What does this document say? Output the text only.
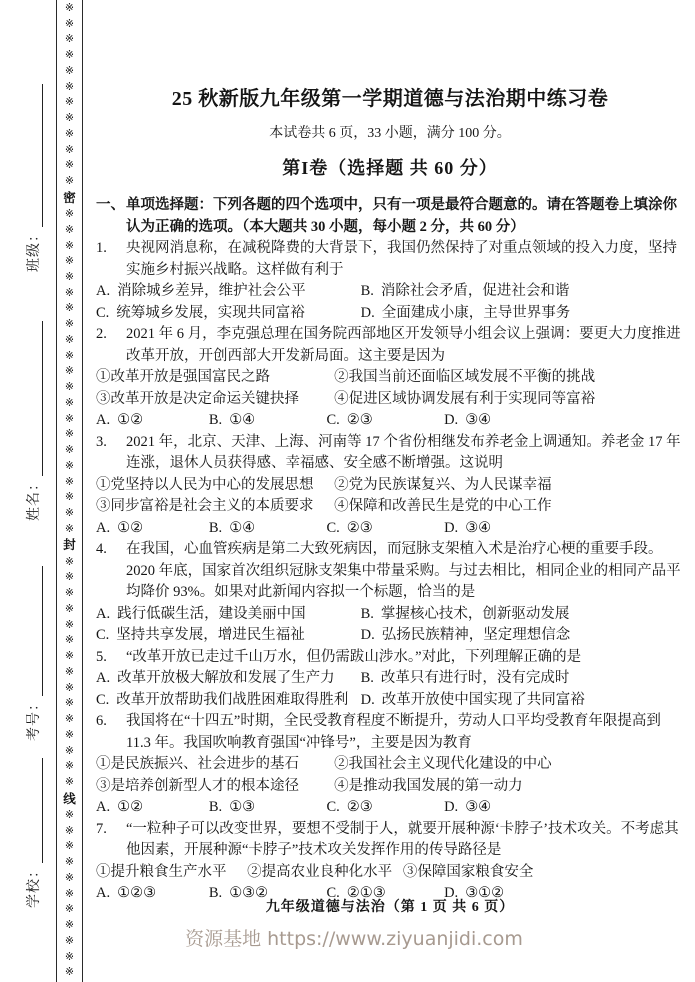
班级：
姓名：
考号：
学校：
※
※
※
※
※
※
※
※
※
※
※
※
密
※
※
※
※
※
※
※
※
※
※
※
※
※
※
※
※
※
※
※
※
※
封
※
※
※
※
※
※
※
※
※
※
※
※
※
※
※
线
※
※
※
※
※
※
※
※
※
※
※
25 秋新版九年级第一学期道德与法治期中练习卷
本试卷共 6 页，33 小题，满分 100 分。
第I卷（选择题 共 60 分）
一、 单项选择题：下列各题的四个选项中，只有一项是最符合题意的。请在答题卷上填涂你认为正确的选项。（本大题共 30 小题，每小题 2 分，共 60 分）
1. 央视网消息称，在减税降费的大背景下，我国仍然保持了对重点领域的投入力度，坚持实施乡村振兴战略。这样做有利于
A. 消除城乡差异，维护社会公平	B. 消除社会矛盾，促进社会和谐
C. 统筹城乡发展，实现共同富裕	D. 全面建成小康，主导世界事务
2. 2021 年 6 月，李克强总理在国务院西部地区开发领导小组会议上强调：要更大力度推进改革开放，开创西部大开发新局面。这主要是因为
①改革开放是强国富民之路	②我国当前还面临区域发展不平衡的挑战
③改革开放是决定命运关键抉择	④促进区域协调发展有利于实现同等富裕
A. ①②	B. ①④	C. ②③	D. ③④
3. 2021 年，北京、天津、上海、河南等 17 个省份相继发布养老金上调通知。养老金 17 年连涨，退休人员获得感、幸福感、安全感不断增强。这说明
①党坚持以人民为中心的发展思想	②党为民族谋复兴、为人民谋幸福
③同步富裕是社会主义的本质要求	④保障和改善民生是党的中心工作
A. ①②	B. ①④	C. ②③	D. ③④
4. 在我国，心血管疾病是第二大致死病因，而冠脉支架植入术是治疗心梗的重要手段。2020 年底，国家首次组织冠脉支架集中带量采购。与过去相比，相同企业的相同产品平均降价 93%。如果对此新闻内容拟一个标题，恰当的是
A. 践行低碳生活，建设美丽中国	B. 掌握核心技术，创新驱动发展
C. 坚持共享发展，增进民生福祉	D. 弘扬民族精神，坚定理想信念
5. “改革开放已走过千山万水，但仍需跋山涉水。”对此，下列理解正确的是
A. 改革开放极大解放和发展了生产力	B. 改革只有进行时，没有完成时
C. 改革开放帮助我们战胜困难取得胜利 D. 改革开放使中国实现了共同富裕
6. 我国将在“十四五”时期，全民受教育程度不断提升，劳动人口平均受教育年限提高到 11.3 年。我国吹响教育强国“冲锋号”，主要是因为教育
①是民族振兴、社会进步的基石	②我国社会主义现代化建设的中心
③是培养创新型人才的根本途径	④是推动我国发展的第一动力
A. ①②	B. ①③	C. ②③	D. ③④
7. “一粒种子可以改变世界，要想不受制于人，就要开展种源‘卡脖子’技术攻关。不考虑其他因素，开展种源“卡脖子”技术攻关发挥作用的传导路径是
①提升粮食生产水平	②提高农业良种化水平 ③保障国家粮食安全
A. ①②③	B. ①③②	C. ②①③	D. ③①②
九年级道德与法治（第 1 页 共 6 页）
资源基地 https://www.ziyuanjidi.com
